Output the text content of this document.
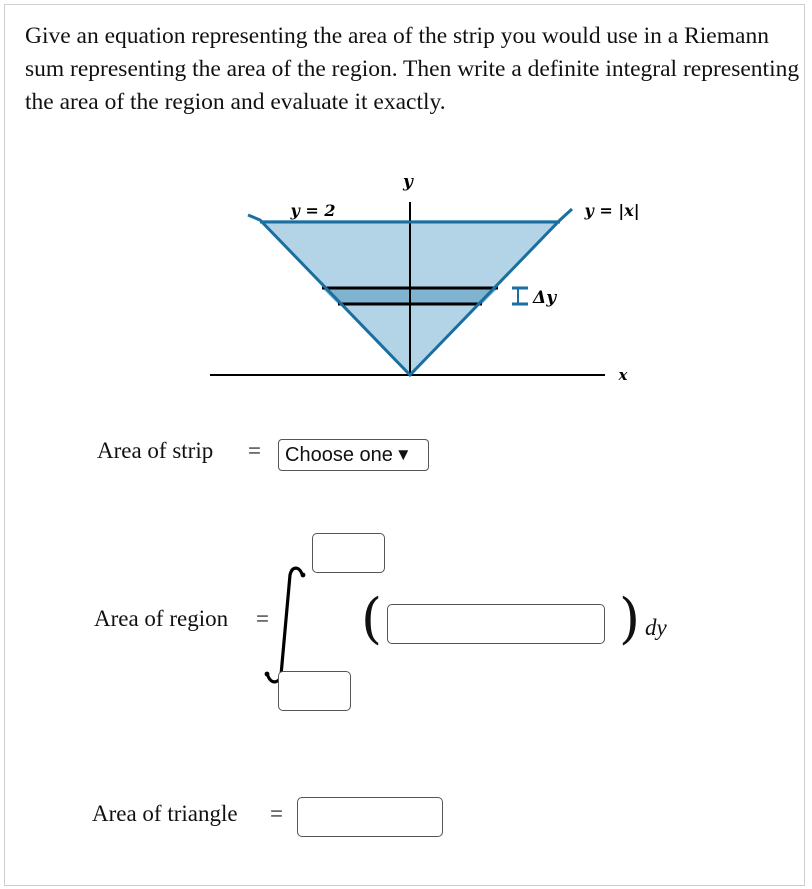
Give an equation representing the area of the strip you would use in a Riemann sum representing the area of the region. Then write a definite integral representing the area of the region and evaluate it exactly.

y
x
y = 2	y = |x|
Δy
Area of strip = Choose one ▼
Area of region = (	) dy
Area of triangle =
